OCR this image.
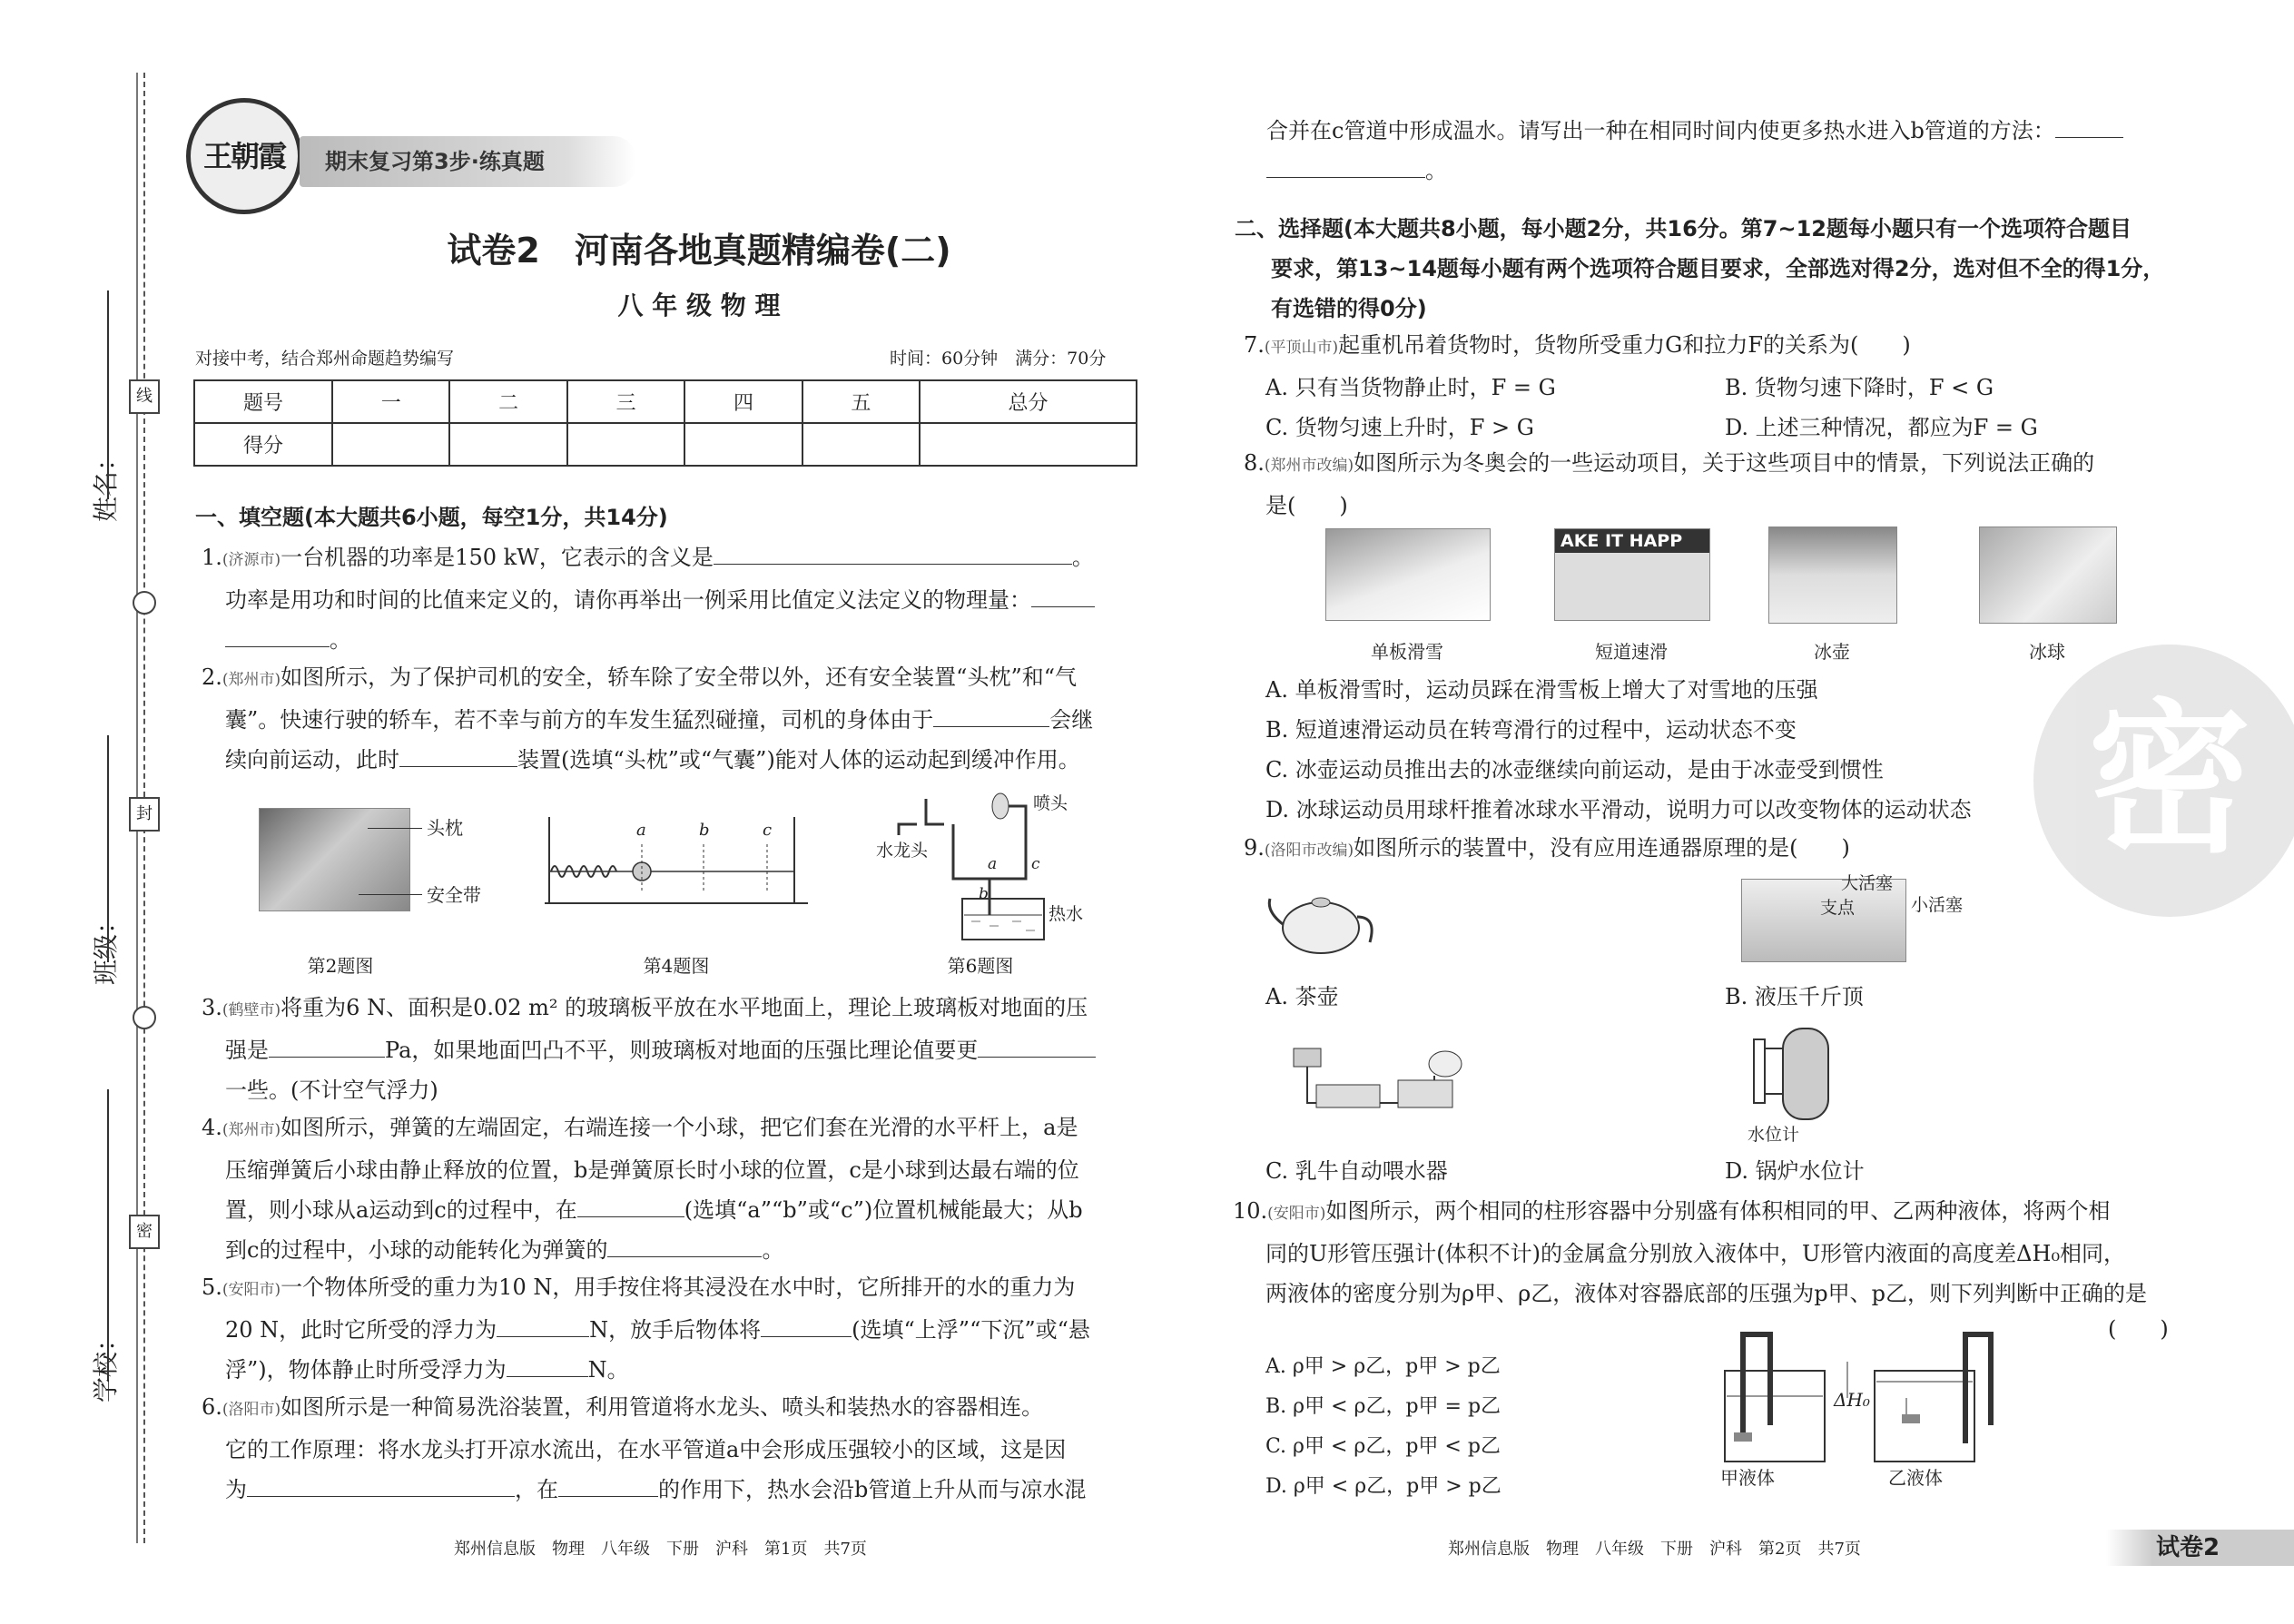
姓名：
班级：
学校：
线
封
密
王朝霞	期末复习第3步·练真题
试卷2　河南各地真题精编卷(二)
八 年 级 物 理
对接中考，结合郑州命题趋势编写	时间：60分钟　满分：70分
题号	一	二	三	四	五	总分
得分						
一、填空题(本大题共6小题，每空1分，共14分)
1.(济源市)一台机器的功率是150 kW，它表示的含义是	。
功率是用功和时间的比值来定义的，请你再举出一例采用比值定义法定义的物理量：
。
2.(郑州市)如图所示，为了保护司机的安全，轿车除了安全带以外，还有安全装置“头枕”和“气
囊”。快速行驶的轿车，若不幸与前方的车发生猛烈碰撞，司机的身体由于	会继
续向前运动，此时	装置(选填“头枕”或“气囊”)能对人体的运动起到缓冲作用。
头枕
安全带
第2题图
a	b	c
第4题图
水龙头
喷头
热水
a
b
c
第6题图
3.(鹤壁市)将重为6 N、面积是0.02 m² 的玻璃板平放在水平地面上，理论上玻璃板对地面的压
强是	Pa，如果地面凹凸不平，则玻璃板对地面的压强比理论值要更
一些。(不计空气浮力)
4.(郑州市)如图所示，弹簧的左端固定，右端连接一个小球，把它们套在光滑的水平杆上，a是
压缩弹簧后小球由静止释放的位置，b是弹簧原长时小球的位置，c是小球到达最右端的位
置，则小球从a运动到c的过程中，在	(选填“a”“b”或“c”)位置机械能最大；从b
到c的过程中，小球的动能转化为弹簧的	。
5.(安阳市)一个物体所受的重力为10 N，用手按住将其浸没在水中时，它所排开的水的重力为
20 N，此时它所受的浮力为	N，放手后物体将	(选填“上浮”“下沉”或“悬
浮”)，物体静止时所受浮力为	N。
6.(洛阳市)如图所示是一种简易洗浴装置，利用管道将水龙头、喷头和装热水的容器相连。
它的工作原理：将水龙头打开凉水流出，在水平管道a中会形成压强较小的区域，这是因
为	，在	的作用下，热水会沿b管道上升从而与凉水混
郑州信息版　物理　八年级　下册　沪科　第1页　共7页
合并在c管道中形成温水。请写出一种在相同时间内使更多热水进入b管道的方法：
。
二、选择题(本大题共8小题，每小题2分，共16分。第7~12题每小题只有一个选项符合题目
要求，第13~14题每小题有两个选项符合题目要求，全部选对得2分，选对但不全的得1分，
有选错的得0分)
7.(平顶山市)起重机吊着货物时，货物所受重力G和拉力F的关系为(　　)
A. 只有当货物静止时，F = G	B. 货物匀速下降时，F < G
C. 货物匀速上升时，F > G	D. 上述三种情况，都应为F = G
8.(郑州市改编)如图所示为冬奥会的一些运动项目，关于这些项目中的情景，下列说法正确的
是(　　)
AKE IT HAPP
单板滑雪	短道速滑	冰壶	冰球
A. 单板滑雪时，运动员踩在滑雪板上增大了对雪地的压强
B. 短道速滑运动员在转弯滑行的过程中，运动状态不变
C. 冰壶运动员推出去的冰壶继续向前运动，是由于冰壶受到惯性
D. 冰球运动员用球杆推着冰球水平滑动，说明力可以改变物体的运动状态
9.(洛阳市改编)如图所示的装置中，没有应用连通器原理的是(　　)
A. 茶壶
大活塞
小活塞
支点
B. 液压千斤顶
C. 乳牛自动喂水器
水位计
D. 锅炉水位计
10.(安阳市)如图所示，两个相同的柱形容器中分别盛有体积相同的甲、乙两种液体，将两个相
同的U形管压强计(体积不计)的金属盒分别放入液体中，U形管内液面的高度差ΔH₀相同，
两液体的密度分别为ρ甲、ρ乙，液体对容器底部的压强为p甲、p乙，则下列判断中正确的是
(　　)
A. ρ甲 > ρ乙，p甲 > p乙
B. ρ甲 < ρ乙，p甲 = p乙
C. ρ甲 < ρ乙，p甲 < p乙
D. ρ甲 < ρ乙，p甲 > p乙
ΔH₀
甲液体	乙液体
密
郑州信息版　物理　八年级　下册　沪科　第2页　共7页	试卷2
